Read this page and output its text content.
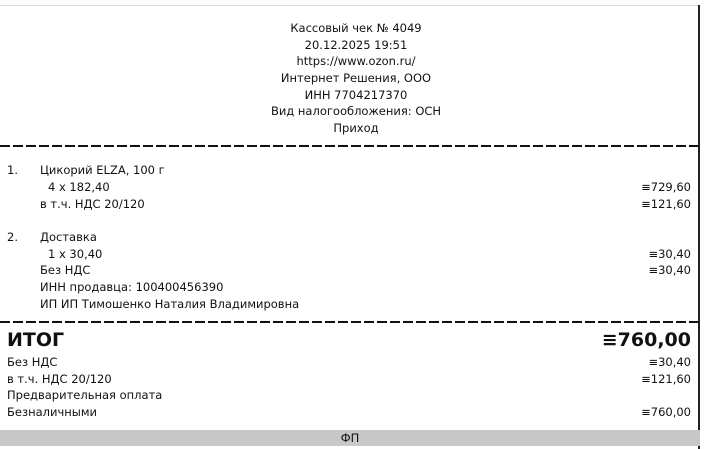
Кассовый чек № 4049
20.12.2025 19:51
https://www.ozon.ru/
Интернет Решения, ООО
ИНН 7704217370
Вид налогообложения: ОСН
Приход
1. Цикорий ELZA, 100 г
4 x 182,40	≡729,60
в т.ч. НДС 20/120	≡121,60
2. Доставка
1 x 30,40	≡30,40
Без НДС	≡30,40
ИНН продавца: 100400456390
ИП ИП Тимошенко Наталия Владимировна
ИТОГ	≡760,00
Без НДС	≡30,40
в т.ч. НДС 20/120	≡121,60
Предварительная оплата
Безналичными	≡760,00
ФП
